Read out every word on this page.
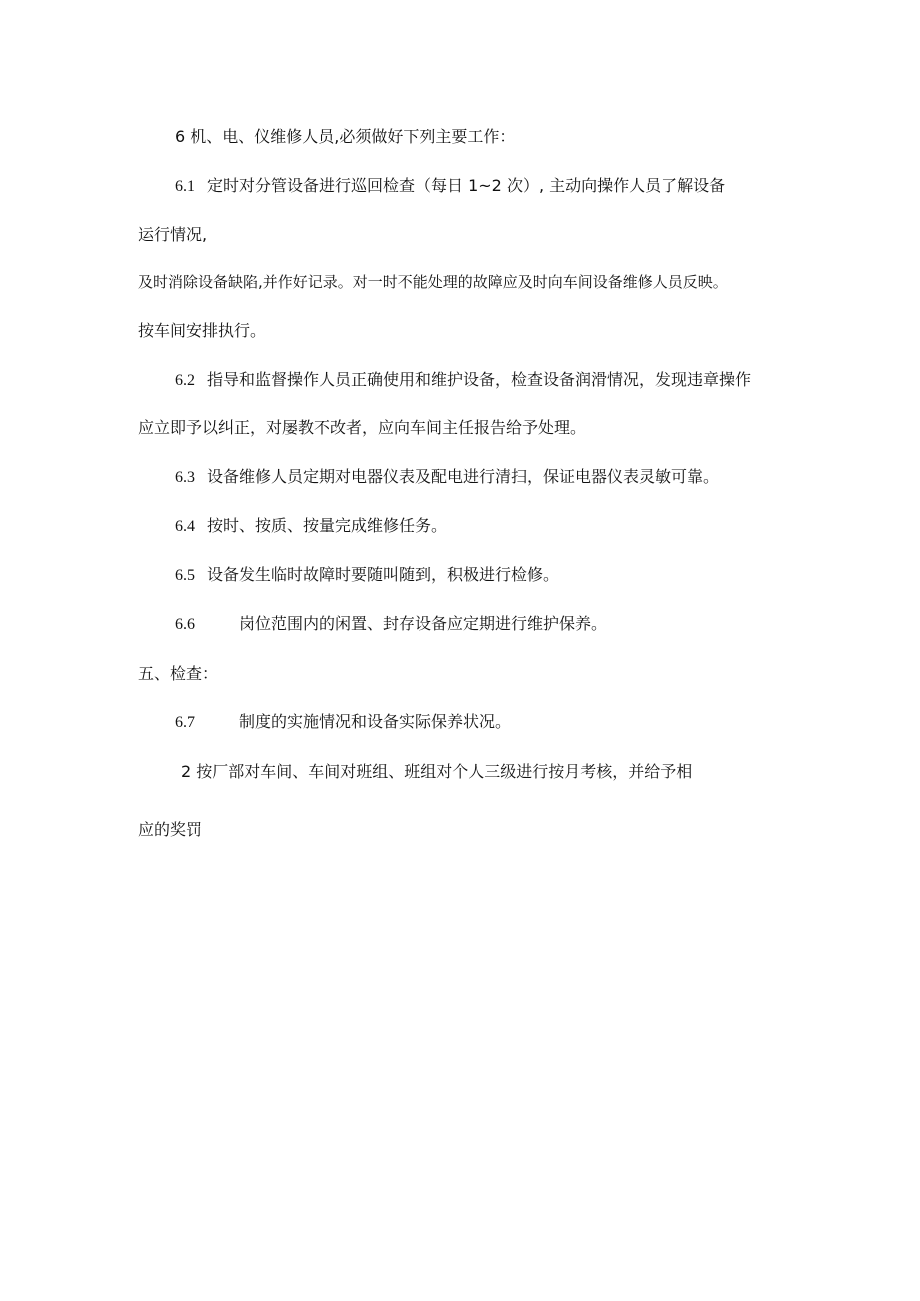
6 机、电、仪维修人员,必须做好下列主要工作：
6.1 定时对分管设备进行巡回检查（每日 1~2 次）, 主动向操作人员了解设备
运行情况,
及时消除设备缺陷,并作好记录。对一时不能处理的故障应及时向车间设备维修人员反映。
按车间安排执行。
6.2 指导和监督操作人员正确使用和维护设备，检查设备润滑情况，发现违章操作
应立即予以纠正，对屡教不改者，应向车间主任报告给予处理。
6.3 设备维修人员定期对电器仪表及配电进行清扫，保证电器仪表灵敏可靠。
6.4 按时、按质、按量完成维修任务。
6.5 设备发生临时故障时要随叫随到，积极进行检修。
6.6	岗位范围内的闲置、封存设备应定期进行维护保养。
五、检查：
6.7	制度的实施情况和设备实际保养状况。
2 按厂部对车间、车间对班组、班组对个人三级进行按月考核，并给予相
应的奖罚
